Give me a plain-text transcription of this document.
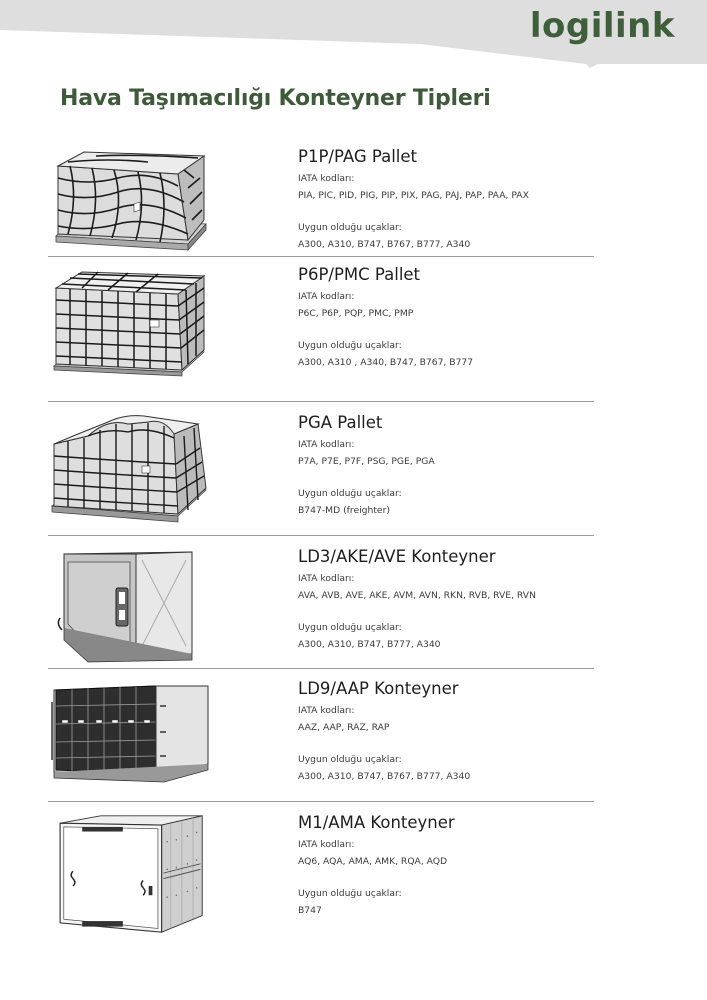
logilink
Hava Taşımacılığı Konteyner Tipleri

P1P/PAG Pallet

IATA kodları:

PIA, PIC, PID, PIG, PIP, PIX, PAG, PAJ, PAP, PAA, PAX

Uygun olduğu uçaklar:

A300, A310, B747, B767, B777, A340

P6P/PMC Pallet

IATA kodları:

P6C, P6P, PQP, PMC, PMP

Uygun olduğu uçaklar:

A300, A310 , A340, B747, B767, B777

PGA Pallet

IATA kodları:

P7A, P7E, P7F, PSG, PGE, PGA

Uygun olduğu uçaklar:

B747-MD (freighter)

LD3/AKE/AVE Konteyner

IATA kodları:

AVA, AVB, AVE, AKE, AVM, AVN, RKN, RVB, RVE, RVN

Uygun olduğu uçaklar:

A300, A310, B747, B777, A340

LD9/AAP Konteyner

IATA kodları:

AAZ, AAP, RAZ, RAP

Uygun olduğu uçaklar:

A300, A310, B747, B767, B777, A340

M1/AMA Konteyner

IATA kodları:

AQ6, AQA, AMA, AMK, RQA, AQD

Uygun olduğu uçaklar:

B747
